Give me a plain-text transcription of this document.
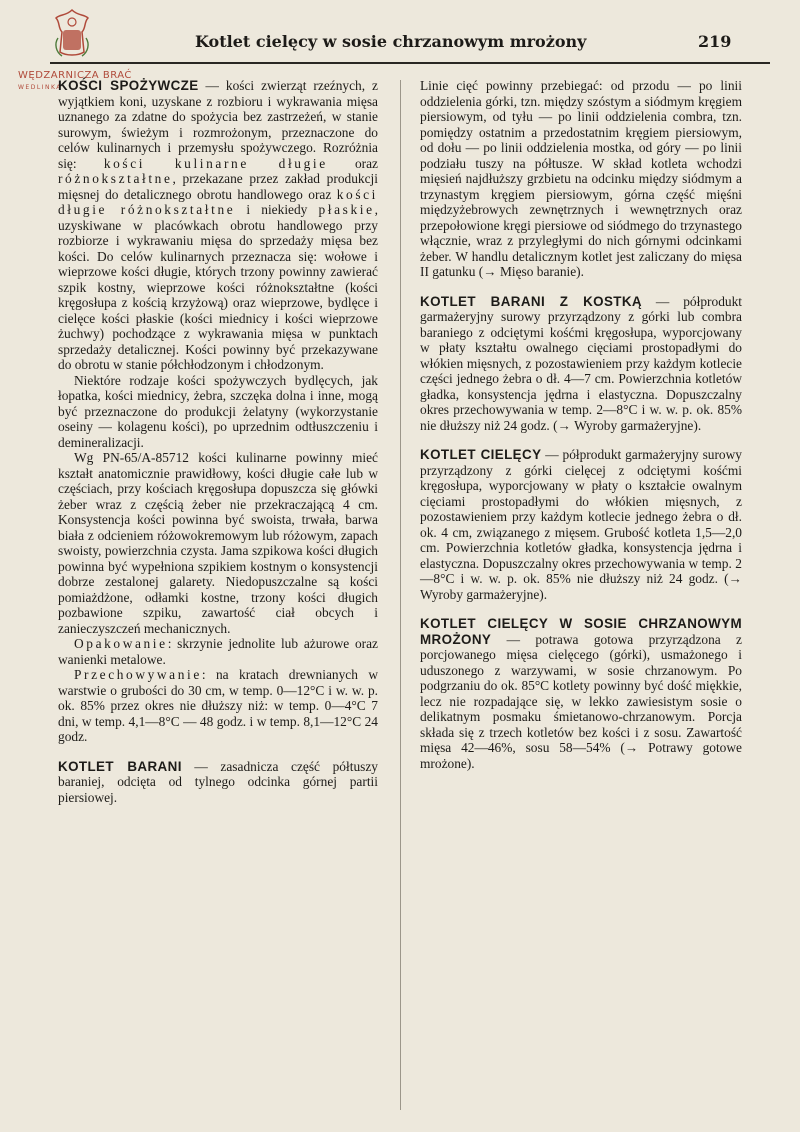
WĘDZARNICZA BRAĆ
WEDLINKA
Kotlet cielęcy w sosie chrzanowym mrożony	219

KOŚCI SPOŻYWCZE — kości zwierząt rzeźnych, z wyjątkiem koni, uzyskane z rozbioru i wykrawania mięsa uznanego za zdatne do spożycia bez zastrzeżeń, w stanie surowym, świeżym i rozmrożonym, przeznaczone do celów kulinarnych i przemysłu spożywczego. Rozróżnia się: kości kulinarne długie oraz różnokształtne, przekazane przez zakład produkcji mięsnej do detalicznego obrotu handlowego oraz kości długie różnokształtne i niekiedy płaskie, uzyskiwane w placówkach obrotu handlowego przy rozbiorze i wykrawaniu mięsa do sprzedaży mięsa bez kości. Do celów kulinarnych przeznacza się: wołowe i wieprzowe kości długie, których trzony powinny zawierać szpik kostny, wieprzowe kości różnokształtne (kości kręgosłupa z kością krzyżową) oraz wieprzowe, bydlęce i cielęce kości płaskie (kości miednicy i kości wieprzowe żuchwy) pochodzące z wykrawania mięsa w punktach sprzedaży detalicznej. Kości powinny być przekazywane do obrotu w stanie półchłodzonym i chłodzonym.

Niektóre rodzaje kości spożywczych bydlęcych, jak łopatka, kości miednicy, żebra, szczęka dolna i inne, mogą być przeznaczone do produkcji żelatyny (wykorzystanie oseiny — kolagenu kości), po uprzednim odtłuszczeniu i demineralizacji.

Wg PN-65/A-85712 kości kulinarne powinny mieć kształt anatomicznie prawidłowy, kości długie całe lub w częściach, przy kościach kręgosłupa dopuszcza się główki żeber wraz z częścią żeber nie przekraczającą 4 cm. Konsystencja kości powinna być swoista, trwała, barwa biała z odcieniem różowokremowym lub różowym, zapach swoisty, powierzchnia czysta. Jama szpikowa kości długich powinna być wypełniona szpikiem kostnym o konsystencji dobrze zestalonej galarety. Niedopuszczalne są kości pomiażdżone, odłamki kostne, trzony kości długich pozbawione szpiku, zawartość ciał obcych i zanieczyszczeń mechanicznych.

Opakowanie: skrzynie jednolite lub ażurowe oraz wanienki metalowe.

Przechowywanie: na kratach drewnianych w warstwie o grubości do 30 cm, w temp. 0—12°C i w. w. p. ok. 85% przez okres nie dłuższy niż: w temp. 0—4°C 7 dni, w temp. 4,1—8°C — 48 godz. i w temp. 8,1—12°C 24 godz.

KOTLET BARANI — zasadnicza część półtuszy baraniej, odcięta od tylnego odcinka górnej partii piersiowej.

Linie cięć powinny przebiegać: od przodu — po linii oddzielenia górki, tzn. między szóstym a siódmym kręgiem piersiowym, od tyłu — po linii oddzielenia combra, tzn. pomiędzy ostatnim a przedostatnim kręgiem piersiowym, od dołu — po linii oddzielenia mostka, od góry — po linii podziału tuszy na półtusze. W skład kotleta wchodzi mięsień najdłuższy grzbietu na odcinku między siódmym a trzynastym kręgiem piersiowym, górna część mięśni międzyżebrowych zewnętrznych i wewnętrznych oraz przepołowione kręgi piersiowe od siódmego do trzynastego włącznie, wraz z przyległymi do nich górnymi odcinkami żeber. W handlu detalicznym kotlet jest zaliczany do mięsa II gatunku (→ Mięso baranie).

KOTLET BARANI Z KOSTKĄ — półprodukt garmażeryjny surowy przyrządzony z górki lub combra baraniego z odciętymi kośćmi kręgosłupa, wyporcjowany w płaty kształtu owalnego cięciami prostopadłymi do włókien mięsnych, z pozostawieniem przy każdym kotlecie części jednego żebra o dł. 4—7 cm. Powierzchnia kotletów gładka, konsystencja jędrna i elastyczna. Dopuszczalny okres przechowywania w temp. 2—8°C i w. w. p. ok. 85% nie dłuższy niż 24 godz. (→ Wyroby garmażeryjne).

KOTLET CIELĘCY — półprodukt garmażeryjny surowy przyrządzony z górki cielęcej z odciętymi kośćmi kręgosłupa, wyporcjowany w płaty o kształcie owalnym cięciami prostopadłymi do włókien mięsnych, z pozostawieniem przy każdym kotlecie jednego żebra o dł. ok. 4 cm, związanego z mięsem. Grubość kotleta 1,5—2,0 cm. Powierzchnia kotletów gładka, konsystencja jędrna i elastyczna. Dopuszczalny okres przechowywania w temp. 2—8°C i w. w. p. ok. 85% nie dłuższy niż 24 godz. (→ Wyroby garmażeryjne).

KOTLET CIELĘCY W SOSIE CHRZANOWYM MROŻONY — potrawa gotowa przyrządzona z porcjowanego mięsa cielęcego (górki), usmażonego i uduszonego z warzywami, w sosie chrzanowym. Po podgrzaniu do ok. 85°C kotlety powinny być dość miękkie, lecz nie rozpadające się, w lekko zawiesistym sosie o delikatnym posmaku śmietanowo-chrzanowym. Porcja składa się z trzech kotletów bez kości i z sosu. Zawartość mięsa 42—46%, sosu 58—54% (→ Potrawy gotowe mrożone).
